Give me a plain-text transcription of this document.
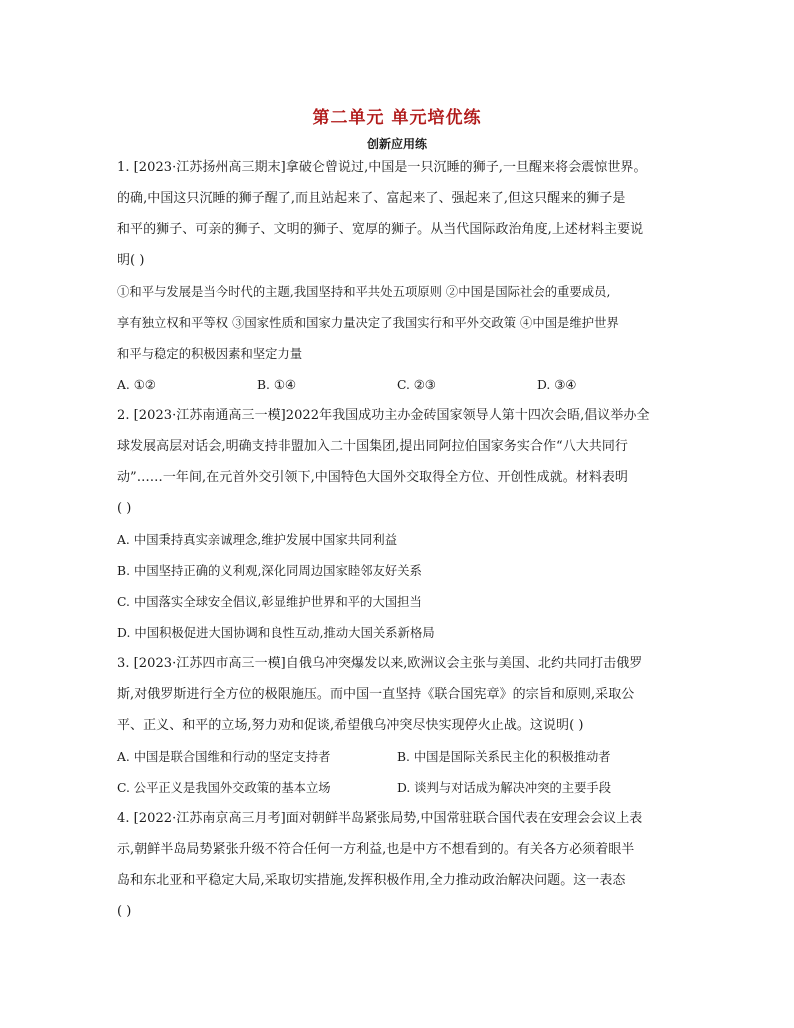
第二单元 单元培优练
创新应用练
1. [2023·江苏扬州高三期末]拿破仑曾说过,中国是一只沉睡的狮子,一旦醒来将会震惊世界。
的确,中国这只沉睡的狮子醒了,而且站起来了、富起来了、强起来了,但这只醒来的狮子是
和平的狮子、可亲的狮子、文明的狮子、宽厚的狮子。从当代国际政治角度,上述材料主要说
明( )
①和平与发展是当今时代的主题,我国坚持和平共处五项原则 ②中国是国际社会的重要成员,
享有独立权和平等权 ③国家性质和国家力量决定了我国实行和平外交政策 ④中国是维护世界
和平与稳定的积极因素和坚定力量
A. ①②	B. ①④	C. ②③	D. ③④
2. [2023·江苏南通高三一模]2022年我国成功主办金砖国家领导人第十四次会晤,倡议举办全
球发展高层对话会,明确支持非盟加入二十国集团,提出同阿拉伯国家务实合作“八大共同行
动”……一年间,在元首外交引领下,中国特色大国外交取得全方位、开创性成就。材料表明
( )
A. 中国秉持真实亲诚理念,维护发展中国家共同利益
B. 中国坚持正确的义利观,深化同周边国家睦邻友好关系
C. 中国落实全球安全倡议,彰显维护世界和平的大国担当
D. 中国积极促进大国协调和良性互动,推动大国关系新格局
3. [2023·江苏四市高三一模]自俄乌冲突爆发以来,欧洲议会主张与美国、北约共同打击俄罗
斯,对俄罗斯进行全方位的极限施压。而中国一直坚持《联合国宪章》的宗旨和原则,采取公
平、正义、和平的立场,努力劝和促谈,希望俄乌冲突尽快实现停火止战。这说明( )
A. 中国是联合国维和行动的坚定支持者	B. 中国是国际关系民主化的积极推动者
C. 公平正义是我国外交政策的基本立场	D. 谈判与对话成为解决冲突的主要手段
4. [2022·江苏南京高三月考]面对朝鲜半岛紧张局势,中国常驻联合国代表在安理会会议上表
示,朝鲜半岛局势紧张升级不符合任何一方利益,也是中方不想看到的。有关各方必须着眼半
岛和东北亚和平稳定大局,采取切实措施,发挥积极作用,全力推动政治解决问题。这一表态
( )
